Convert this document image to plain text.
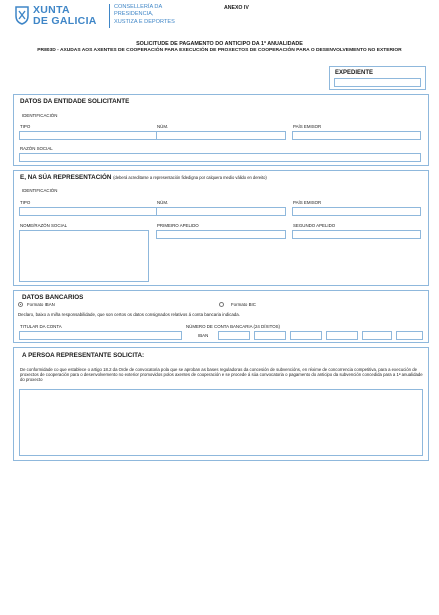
XUNTA
DE GALICIA
CONSELLERÍA DA
PRESIDENCIA,
XUSTIZA E DEPORTES
ANEXO IV
SOLICITUDE DE PAGAMENTO DO ANTICIPO DA 1ª ANUALIDADE
PR803D - AXUDAS AOS AXENTES DE COOPERACIÓN PARA EXECUCIÓN DE PROXECTOS DE COOPERACIÓN PARA O DESENVOLVEMENTO NO EXTERIOR
EXPEDIENTE
DATOS DA ENTIDADE SOLICITANTE
IDENTIFICACIÓN
TIPO	NÚM.	PAÍS EMISOR
RAZÓN SOCIAL
E, NA SÚA REPRESENTACIÓN (deberá acreditarse a representación fidedigna por calquera medio válido en dereito)
IDENTIFICACIÓN
TIPO	NÚM.	PAÍS EMISOR
NOME/RAZÓN SOCIAL	PRIMEIRO APELIDO	SEGUNDO APELIDO
DATOS BANCARIOS
Formato IBAN	Formato BIC
Declaro, baixo a miña responsabilidade, que son certos os datos consignados relativos á conta bancaria indicada.
TITULAR DA CONTA	NÚMERO DE CONTA BANCARIA (24 DÍXITOS)
IBAN
A PERSOA REPRESENTANTE SOLICITA:
De conformidade co que establece o artigo 18.2 da Orde de convocatoria pola que se aproban as bases reguladoras da concesión de subvencións, en réxime de concorrencia competitiva, para a execución de proxectos de cooperación para o desenvolvemento no exterior promovidos polos axentes de cooperación e se procede á súa convocatoria o pagamento do anticipo da subvención concedida para a 1ª anualidade do proxecto
